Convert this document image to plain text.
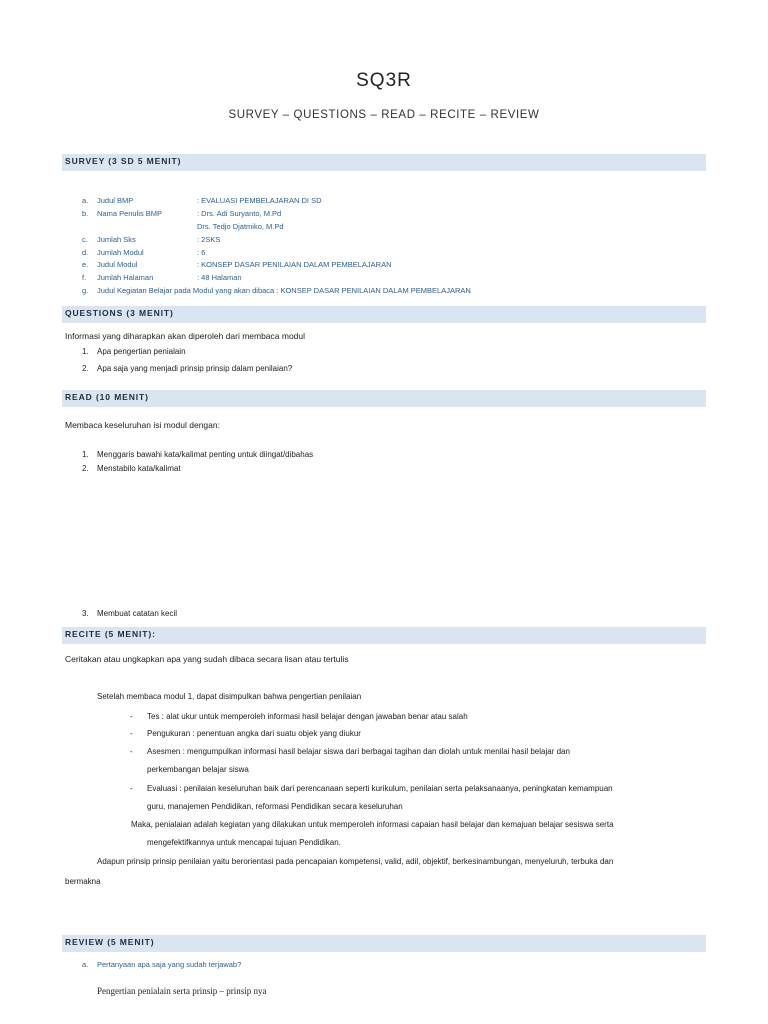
SQ3R
SURVEY – QUESTIONS – READ – RECITE – REVIEW
SURVEY (3 SD 5 MENIT)
a. Judul BMP	: EVALUASI PEMBELAJARAN DI SD
b. Nama Penulis BMP	: Drs. Adi Suryanto, M.Pd
Drs. Tedjo Djatmiko, M.Pd
c. Jumlah Sks	: 2SKS
d. Jumlah Modul	: 6
e. Judul Modul	: KONSEP DASAR PENILAIAN DALAM PEMBELAJARAN
f. Jumlah Halaman	: 48 Halaman
g. Judul Kegiatan Belajar pada Modul yang akan dibaca : KONSEP DASAR PENILAIAN DALAM PEMBELAJARAN
QUESTIONS (3 MENIT)
Informasi yang diharapkan akan diperoleh dari membaca modul
1. Apa pengertian penialain
2. Apa saja yang menjadi prinsip prinsip dalam penilaian?
READ (10 MENIT)
Membaca keseluruhan isi modul dengan:
1. Menggaris bawahi kata/kalimat penting untuk diingat/dibahas
2. Menstabilo kata/kalimat
3. Membuat catatan kecil
RECITE (5 MENIT):
Ceritakan atau ungkapkan apa yang sudah dibaca secara lisan atau tertulis
Setelah membaca modul 1, dapat disimpulkan bahwa pengertian penilaian
- Tes : alat ukur untuk memperoleh informasi hasil belajar dengan jawaban benar atau salah
- Pengukuran : penentuan angka dari suatu objek yang diukur
- Asesmen : mengumpulkan informasi hasil belajar siswa dari berbagai tagihan dan diolah untuk menilai hasil belajar dan
perkembangan belajar siswa
- Evaluasi : penilaian keseluruhan baik dari perencanaan seperti kurikulum, penilaian serta pelaksanaanya, peningkatan kemampuan
guru, manajemen Pendidikan, reformasi Pendidikan secara keseluruhan
Maka, penialaian adalah kegiatan yang dilakukan untuk memperoleh informasi capaian hasil belajar dan kemajuan belajar sesiswa serta
mengefektifkannya untuk mencapai tujuan Pendidikan.
Adapun prinsip prinsip penilaian yaitu berorientasi pada pencapaian kompetensi, valid, adil, objektif, berkesinambungan, menyeluruh, terbuka dan
bermakna
REVIEW (5 MENIT)
a. Pertanyaan apa saja yang sudah terjawab?
Pengertian penialain serta prinsip – prinsip nya
